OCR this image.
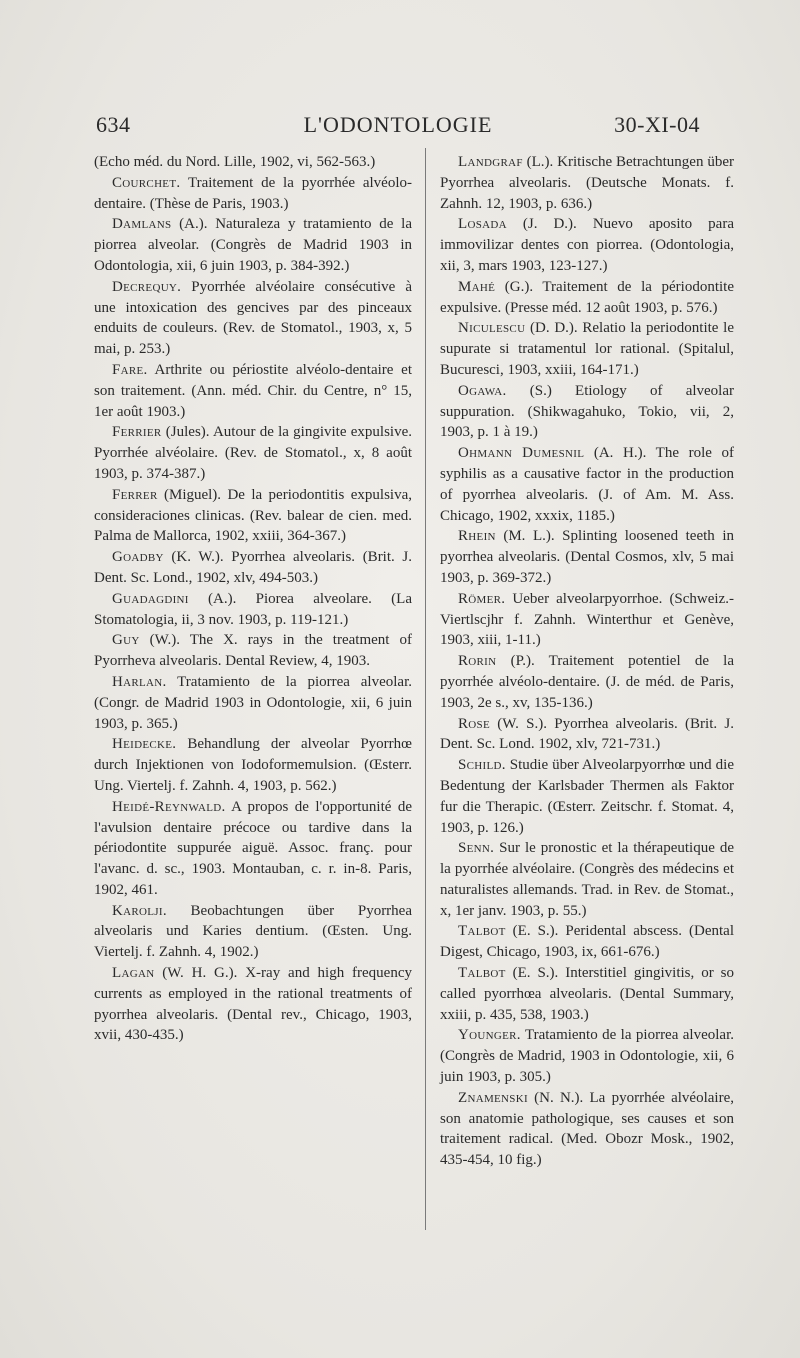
634	L'ODONTOLOGIE	30-XI-04
(Echo méd. du Nord. Lille, 1902, vi, 562-563.)
Courchet. Traitement de la pyorrhée alvéolo-dentaire. (Thèse de Paris, 1903.)
Damlans (A.). Naturaleza y tratamiento de la piorrea alveolar. (Congrès de Madrid 1903 in Odontologia, xii, 6 juin 1903, p. 384-392.)
Decrequy. Pyorrhée alvéolaire consécutive à une intoxication des gencives par des pinceaux enduits de couleurs. (Rev. de Stomatol., 1903, x, 5 mai, p. 253.)
Fare. Arthrite ou périostite alvéolo-dentaire et son traitement. (Ann. méd. Chir. du Centre, n° 15, 1er août 1903.)
Ferrier (Jules). Autour de la gingivite expulsive. Pyorrhée alvéolaire. (Rev. de Stomatol., x, 8 août 1903, p. 374-387.)
Ferrer (Miguel). De la periodontitis expulsiva, consideraciones clinicas. (Rev. balear de cien. med. Palma de Mallorca, 1902, xxiii, 364-367.)
Goadby (K. W.). Pyorrhea alveolaris. (Brit. J. Dent. Sc. Lond., 1902, xlv, 494-503.)
Guadagdini (A.). Piorea alveolare. (La Stomatologia, ii, 3 nov. 1903, p. 119-121.)
Guy (W.). The X. rays in the treatment of Pyorrheva alveolaris. Dental Review, 4, 1903.
Harlan. Tratamiento de la piorrea alveolar. (Congr. de Madrid 1903 in Odontologie, xii, 6 juin 1903, p. 365.)
Heidecke. Behandlung der alveolar Pyorrhœ durch Injektionen von Iodoformemulsion. (Œsterr. Ung. Viertelj. f. Zahnh. 4, 1903, p. 562.)
Heidé-Reynwald. A propos de l'opportunité de l'avulsion dentaire précoce ou tardive dans la périodontite suppurée aiguë. Assoc. franç. pour l'avanc. d. sc., 1903. Montauban, c. r. in-8. Paris, 1902, 461.
Karolji. Beobachtungen über Pyorrhea alveolaris und Karies dentium. (Œsten. Ung. Viertelj. f. Zahnh. 4, 1902.)
Lagan (W. H. G.). X-ray and high frequency currents as employed in the rational treatments of pyorrhea alveolaris. (Dental rev., Chicago, 1903, xvii, 430-435.)
Landgraf (L.). Kritische Betrachtungen über Pyorrhea alveolaris. (Deutsche Monats. f. Zahnh. 12, 1903, p. 636.)
Losada (J. D.). Nuevo aposito para immovilizar dentes con piorrea. (Odontologia, xii, 3, mars 1903, 123-127.)
Mahé (G.). Traitement de la périodontite expulsive. (Presse méd. 12 août 1903, p. 576.)
Niculescu (D. D.). Relatio la periodontite le supurate si tratamentul lor rational. (Spitalul, Bucuresci, 1903, xxiii, 164-171.)
Ogawa. (S.) Etiology of alveolar suppuration. (Shikwagahuko, Tokio, vii, 2, 1903, p. 1 à 19.)
Ohmann Dumesnil (A. H.). The role of syphilis as a causative factor in the production of pyorrhea alveolaris. (J. of Am. M. Ass. Chicago, 1902, xxxix, 1185.)
Rhein (M. L.). Splinting loosened teeth in pyorrhea alveolaris. (Dental Cosmos, xlv, 5 mai 1903, p. 369-372.)
Römer. Ueber alveolarpyorrhoe. (Schweiz.-Viertlscjhr f. Zahnh. Winterthur et Genève, 1903, xiii, 1-11.)
Rorin (P.). Traitement potentiel de la pyorrhée alvéolo-dentaire. (J. de méd. de Paris, 1903, 2e s., xv, 135-136.)
Rose (W. S.). Pyorrhea alveolaris. (Brit. J. Dent. Sc. Lond. 1902, xlv, 721-731.)
Schild. Studie über Alveolarpyorrhœ und die Bedentung der Karlsbader Thermen als Faktor fur die Therapic. (Œsterr. Zeitschr. f. Stomat. 4, 1903, p. 126.)
Senn. Sur le pronostic et la thérapeutique de la pyorrhée alvéolaire. (Congrès des médecins et naturalistes allemands. Trad. in Rev. de Stomat., x, 1er janv. 1903, p. 55.)
Talbot (E. S.). Peridental abscess. (Dental Digest, Chicago, 1903, ix, 661-676.)
Talbot (E. S.). Interstitiel gingivitis, or so called pyorrhœa alveolaris. (Dental Summary, xxiii, p. 435, 538, 1903.)
Younger. Tratamiento de la piorrea alveolar. (Congrès de Madrid, 1903 in Odontologie, xii, 6 juin 1903, p. 305.)
Znamenski (N. N.). La pyorrhée alvéolaire, son anatomie pathologique, ses causes et son traitement radical. (Med. Obozr Mosk., 1902, 435-454, 10 fig.)
